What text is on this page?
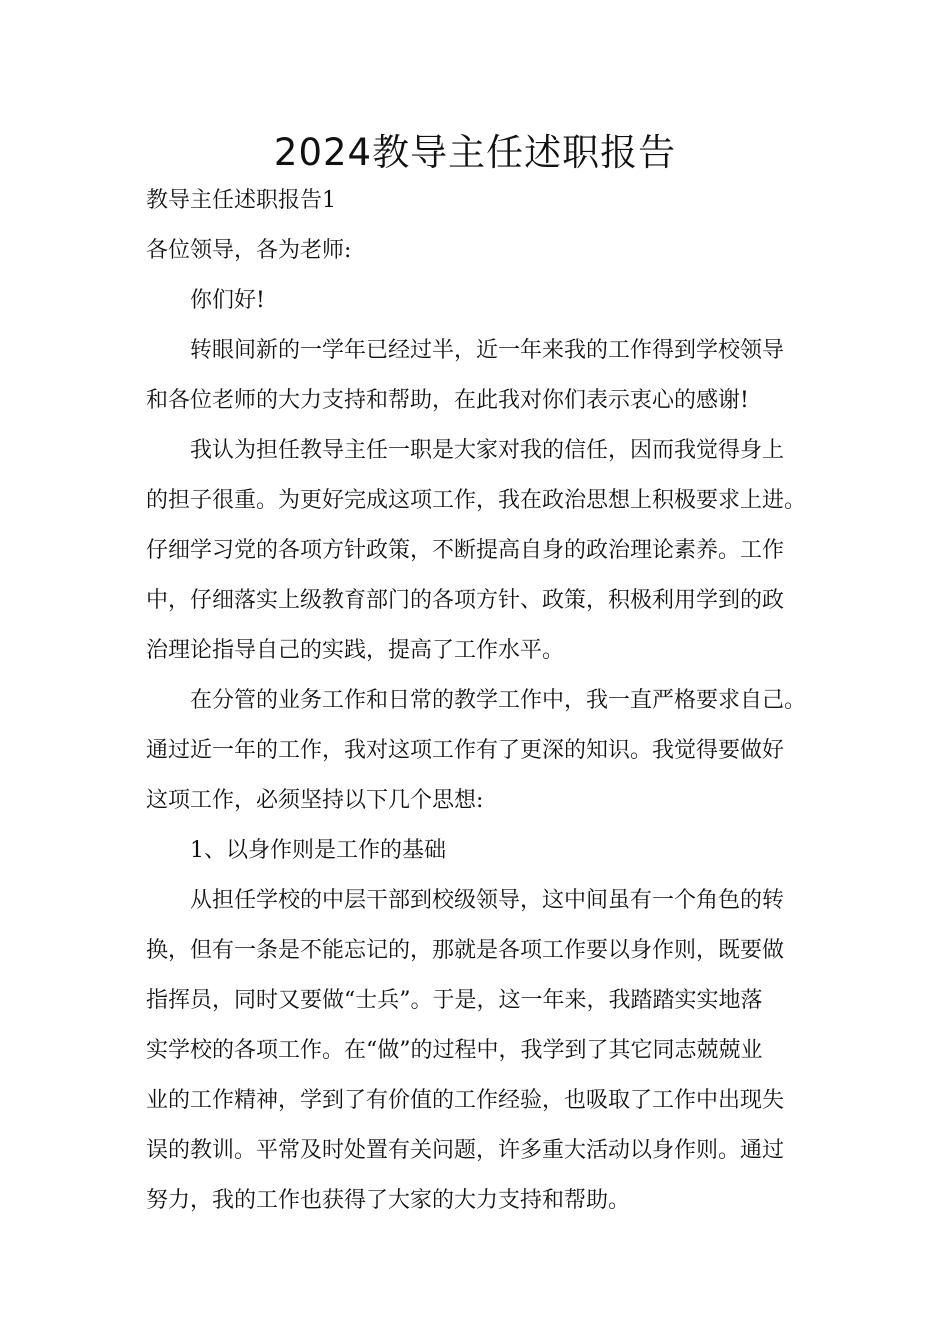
2024教导主任述职报告

教导主任述职报告1

各位领导，各为老师:

你们好!

转眼间新的一学年已经过半，近一年来我的工作得到学校领导

和各位老师的大力支持和帮助，在此我对你们表示衷心的感谢!

我认为担任教导主任一职是大家对我的信任，因而我觉得身上

的担子很重。为更好完成这项工作，我在政治思想上积极要求上进。

仔细学习党的各项方针政策，不断提高自身的政治理论素养。工作

中，仔细落实上级教育部门的各项方针、政策，积极利用学到的政

治理论指导自己的实践，提高了工作水平。

在分管的业务工作和日常的教学工作中，我一直严格要求自己。

通过近一年的工作，我对这项工作有了更深的知识。我觉得要做好

这项工作，必须坚持以下几个思想:

1、以身作则是工作的基础

从担任学校的中层干部到校级领导，这中间虽有一个角色的转

换，但有一条是不能忘记的，那就是各项工作要以身作则，既要做

指挥员，同时又要做“士兵”。于是，这一年来，我踏踏实实地落

实学校的各项工作。在“做”的过程中，我学到了其它同志兢兢业

业的工作精神，学到了有价值的工作经验，也吸取了工作中出现失

误的教训。平常及时处置有关问题，许多重大活动以身作则。通过

努力，我的工作也获得了大家的大力支持和帮助。
